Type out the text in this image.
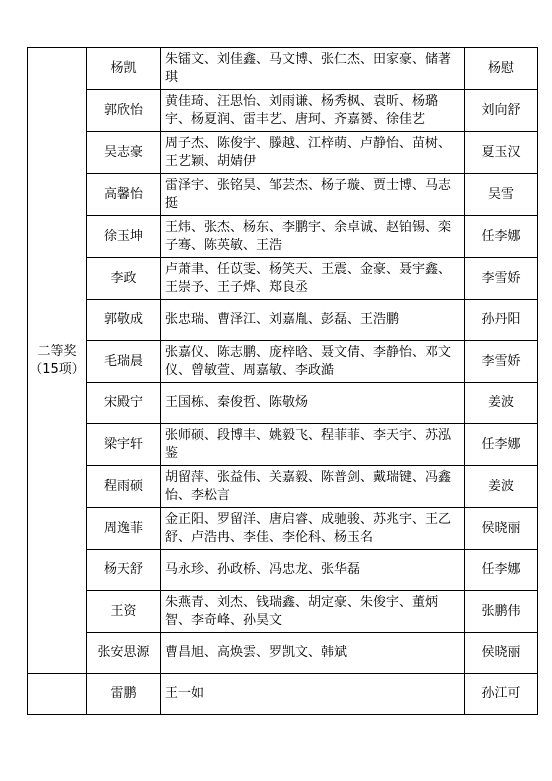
二等奖
（15项）	杨凯	朱镭文、刘佳鑫、马文博、张仁杰、田家豪、储著琪	杨慰
	郭欣怡	黄佳琦、汪思怡、刘雨谦、杨秀枫、袁昕、杨璐宇、杨夏润、雷丰艺、唐珂、齐嘉赟、徐佳艺	刘向舒
	吴志豪	周子杰、陈俊宇、滕越、江梓萌、卢静怡、苗树、王艺颖、胡婧伊	夏玉汉
	高馨怡	雷泽宇、张铭昊、邹芸杰、杨子璇、贾士博、马志挺	吴雪
	徐玉坤	王炜、张杰、杨东、李鹏宇、余卓诚、赵铂锡、栾子骞、陈英敏、王浩	任李娜
	李政	卢萧聿、任苡雯、杨笑天、王震、金豪、聂宇鑫、王崇予、王子烨、郑良丞	李雪娇
	郭敬成	张忠瑞、曹泽江、刘嘉胤、彭磊、王浩鹏	孙丹阳
	毛瑞晨	张嘉仪、陈志鹏、庞梓晗、聂文倩、李静怡、邓文仪、曾敏萱、周嘉敏、李政澔	李雪娇
	宋殿宁	王国栋、秦俊哲、陈敬炀	姜波
	梁宇轩	张师硕、段博丰、姚毅飞、程菲菲、李天宇、苏泓鉴	任李娜
	程雨硕	胡留萍、张益伟、关嘉毅、陈普剑、戴瑞键、冯鑫怡、李松言	姜波
	周逸菲	金正阳、罗留洋、唐启睿、成驰骏、苏兆宇、王乙舒、卢浩冉、李佳、李伦科、杨玉名	侯晓丽
	杨天舒	马永珍、孙政桥、冯忠龙、张华磊	任李娜
	王资	朱燕青、刘杰、钱瑞鑫、胡定豪、朱俊宇、董炳智、李奇峰、孙昊文	张鹏伟
	张安思源	曹昌旭、高焕雲、罗凯文、韩斌	侯晓丽
	雷鹏	王一如	孙江可
